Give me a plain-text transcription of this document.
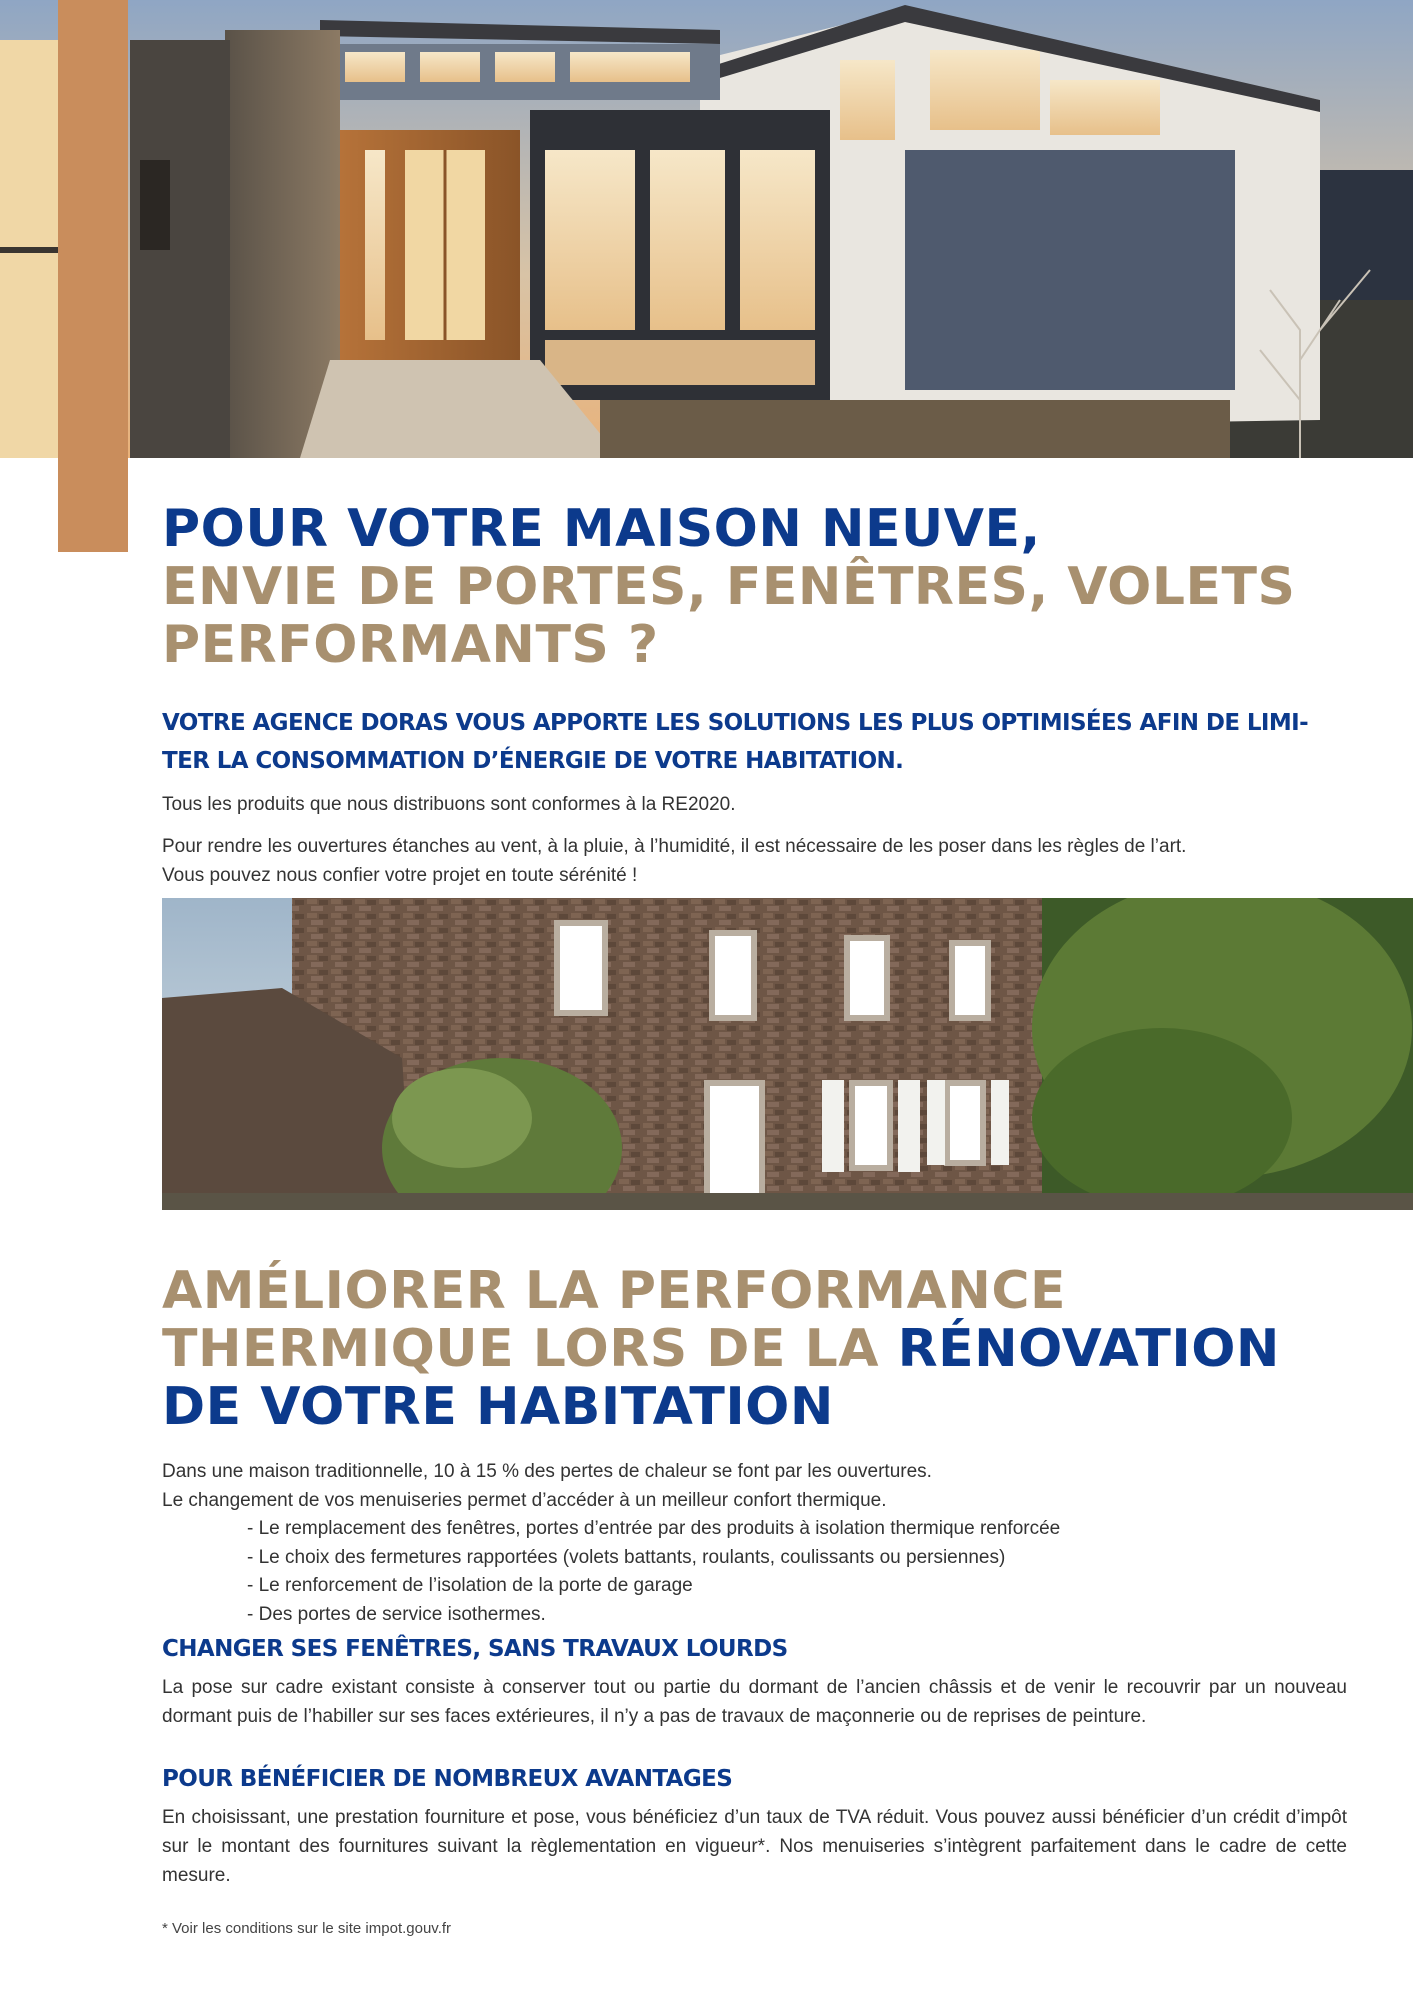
POUR VOTRE MAISON NEUVE,
ENVIE DE PORTES, FENÊTRES, VOLETS
PERFORMANTS ?

VOTRE AGENCE DORAS VOUS APPORTE LES SOLUTIONS LES PLUS OPTIMISÉES AFIN DE LIMI-
TER LA CONSOMMATION D’ÉNERGIE DE VOTRE HABITATION.

Tous les produits que nous distribuons sont conformes à la RE2020.

Pour rendre les ouvertures étanches au vent, à la pluie, à l’humidité, il est nécessaire de les poser dans les règles de l’art.
Vous pouvez nous confier votre projet en toute sérénité !

AMÉLIORER LA PERFORMANCE
THERMIQUE LORS DE LA RÉNOVATION
DE VOTRE HABITATION

Dans une maison traditionnelle, 10 à 15 % des pertes de chaleur se font par les ouvertures.
Le changement de vos menuiseries permet d’accéder à un meilleur confort thermique.

- Le remplacement des fenêtres, portes d’entrée par des produits à isolation thermique renforcée
- Le choix des fermetures rapportées (volets battants, roulants, coulissants ou persiennes)
- Le renforcement de l’isolation de la porte de garage
- Des portes de service isothermes.
CHANGER SES FENÊTRES, SANS TRAVAUX LOURDS

La pose sur cadre existant consiste à conserver tout ou partie du dormant de l’ancien châssis et de venir le recouvrir par un nouveau dormant puis de l’habiller sur ses faces extérieures, il n’y a pas de travaux de maçonnerie ou de reprises de peinture.

POUR BÉNÉFICIER DE NOMBREUX AVANTAGES

En choisissant, une prestation fourniture et pose, vous bénéficiez d’un taux de TVA réduit. Vous pouvez aussi bénéficier d’un crédit d’impôt sur le montant des fournitures suivant la règlementation en vigueur*. Nos menuiseries s’intègrent parfaitement dans le cadre de cette mesure.

* Voir les conditions sur le site impot.gouv.fr
